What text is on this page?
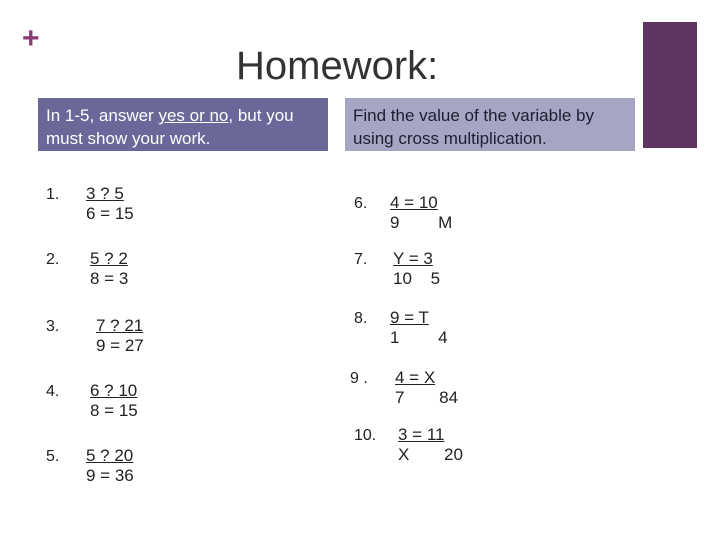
+
Homework:
In 1-5, answer yes or no, but you must show your work.
Find the value of the variable by using cross multiplication.
1. 3 ? 5
6 = 15
2. 5 ? 2
8 = 3
3. 7 ? 21
9 = 27
4. 6 ? 10
8 = 15
5. 5 ? 20
9 = 36
6. 4 = 10
9 M
7. Y = 3
10 5
8. 9 = T
1 4
9 . 4 = X
7 84
10. 3 = 11
X 20
